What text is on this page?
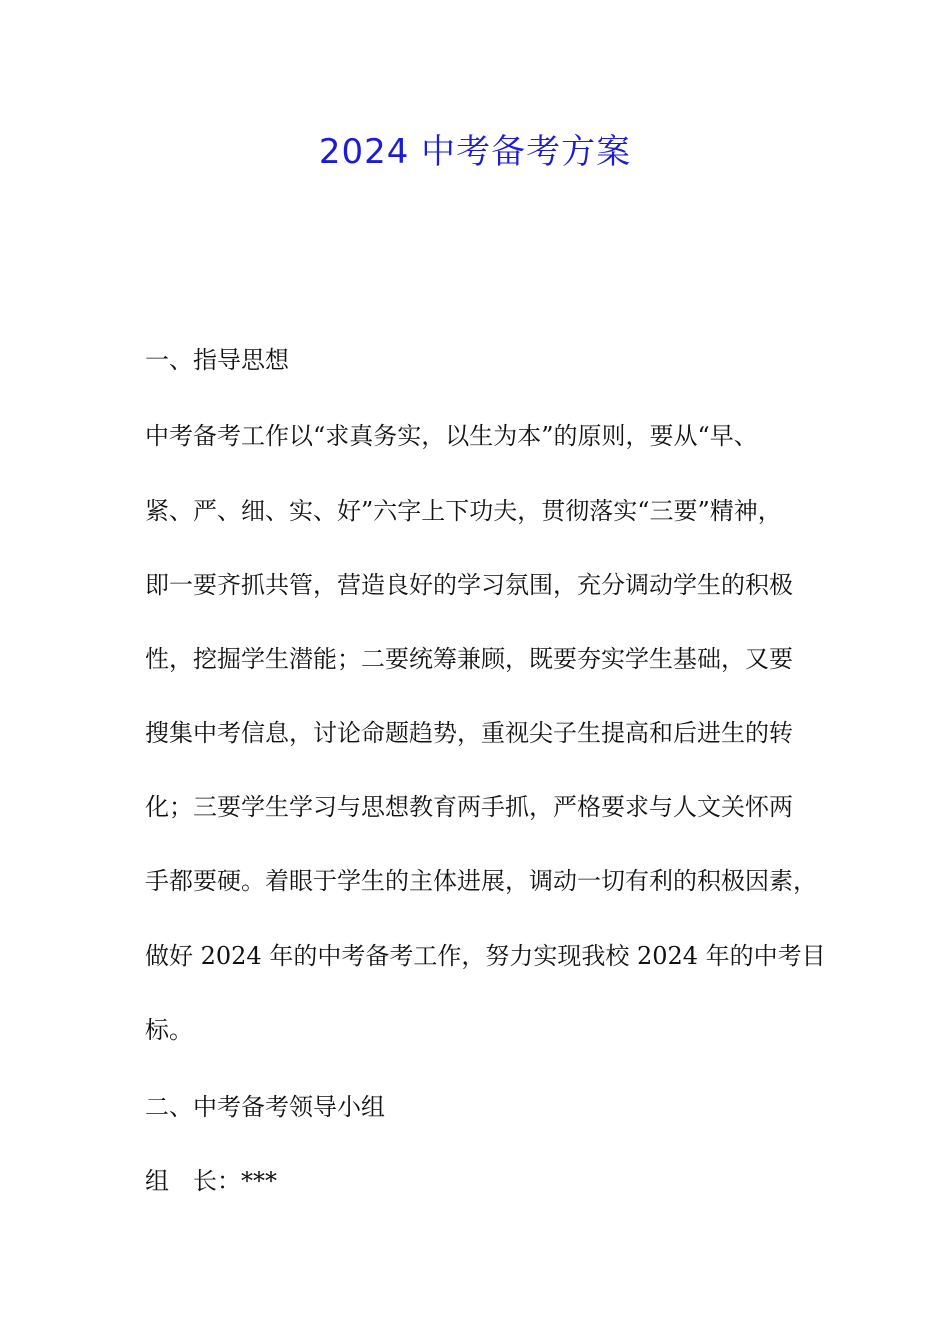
2024 中考备考方案
一、指导思想
中考备考工作以“求真务实，以生为本”的原则，要从“早、
紧、严、细、实、好”六字上下功夫，贯彻落实“三要”精神，
即一要齐抓共管，营造良好的学习氛围，充分调动学生的积极
性，挖掘学生潜能；二要统筹兼顾，既要夯实学生基础，又要
搜集中考信息，讨论命题趋势，重视尖子生提高和后进生的转
化；三要学生学习与思想教育两手抓，严格要求与人文关怀两
手都要硬。着眼于学生的主体进展，调动一切有利的积极因素，
做好 2024 年的中考备考工作，努力实现我校 2024 年的中考目
标。
二、中考备考领导小组
组　长：***
